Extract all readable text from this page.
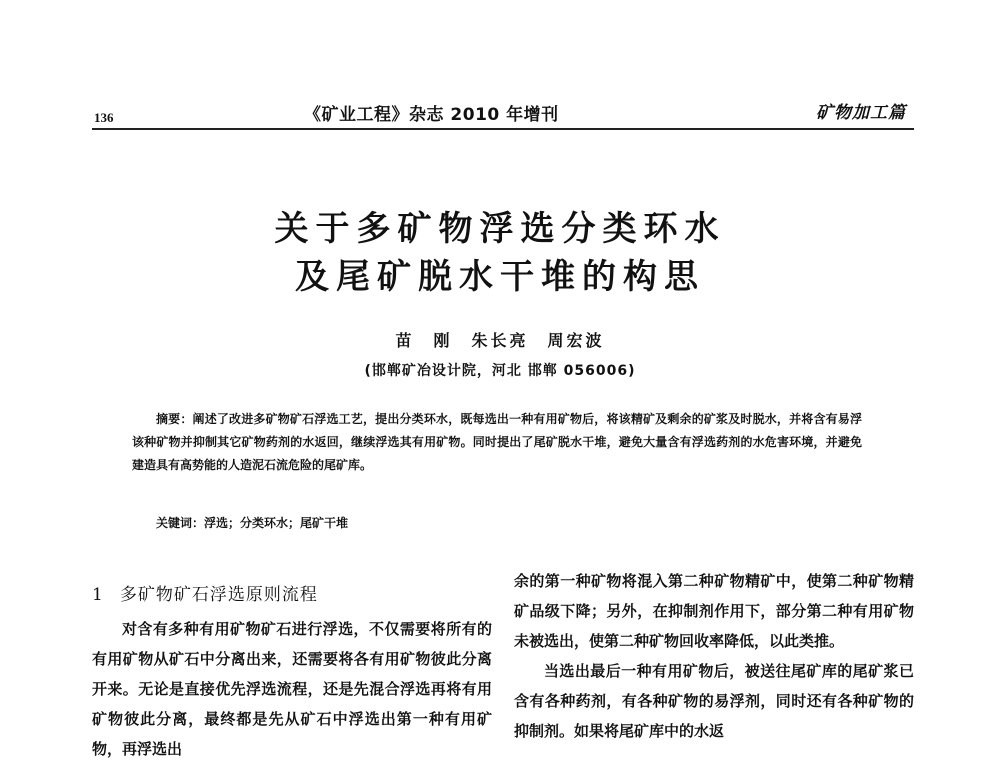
136	《矿业工程》杂志 2010 年增刊	矿物加工篇
关于多矿物浮选分类环水
及尾矿脱水干堆的构思
苗　刚　朱长亮　周宏波
(邯郸矿冶设计院，河北 邯郸 056006)
摘要：阐述了改进多矿物矿石浮选工艺，提出分类环水，既每选出一种有用矿物后，将该精矿及剩余的矿浆及时脱水，并将含有易浮该种矿物并抑制其它矿物药剂的水返回，继续浮选其有用矿物。同时提出了尾矿脱水干堆，避免大量含有浮选药剂的水危害环境，并避免建造具有高势能的人造泥石流危险的尾矿库。
关键词：浮选；分类环水；尾矿干堆
1 多矿物矿石浮选原则流程

对含有多种有用矿物矿石进行浮选，不仅需要将所有的有用矿物从矿石中分离出来，还需要将各有用矿物彼此分离开来。无论是直接优先浮选流程，还是先混合浮选再将有用矿物彼此分离，最终都是先从矿石中浮选出第一种有用矿物，再浮选出

余的第一种矿物将混入第二种矿物精矿中，使第二种矿物精矿品级下降；另外，在抑制剂作用下，部分第二种有用矿物未被选出，使第二种矿物回收率降低，以此类推。

当选出最后一种有用矿物后，被送往尾矿库的尾矿浆已含有各种药剂，有各种矿物的易浮剂，同时还有各种矿物的抑制剂。如果将尾矿库中的水返
